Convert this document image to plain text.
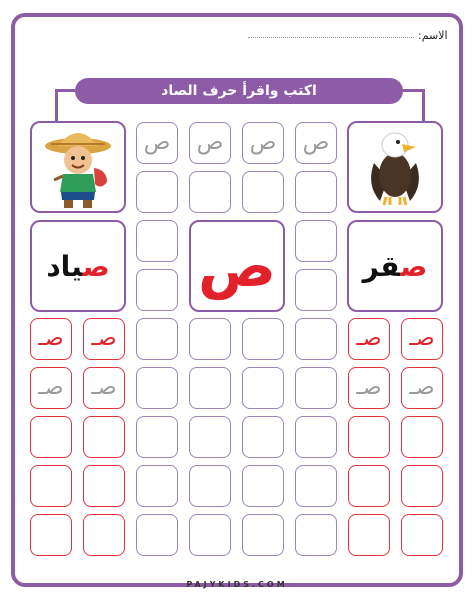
الاسم:
اكتب واقرأ حرف الصاد
صياد	صقر
ص
ص	ص	ص	ص
صـ	صـ	صـ	صـ
صـ	صـ	صـ	صـ
PAJYKIDS.COM
